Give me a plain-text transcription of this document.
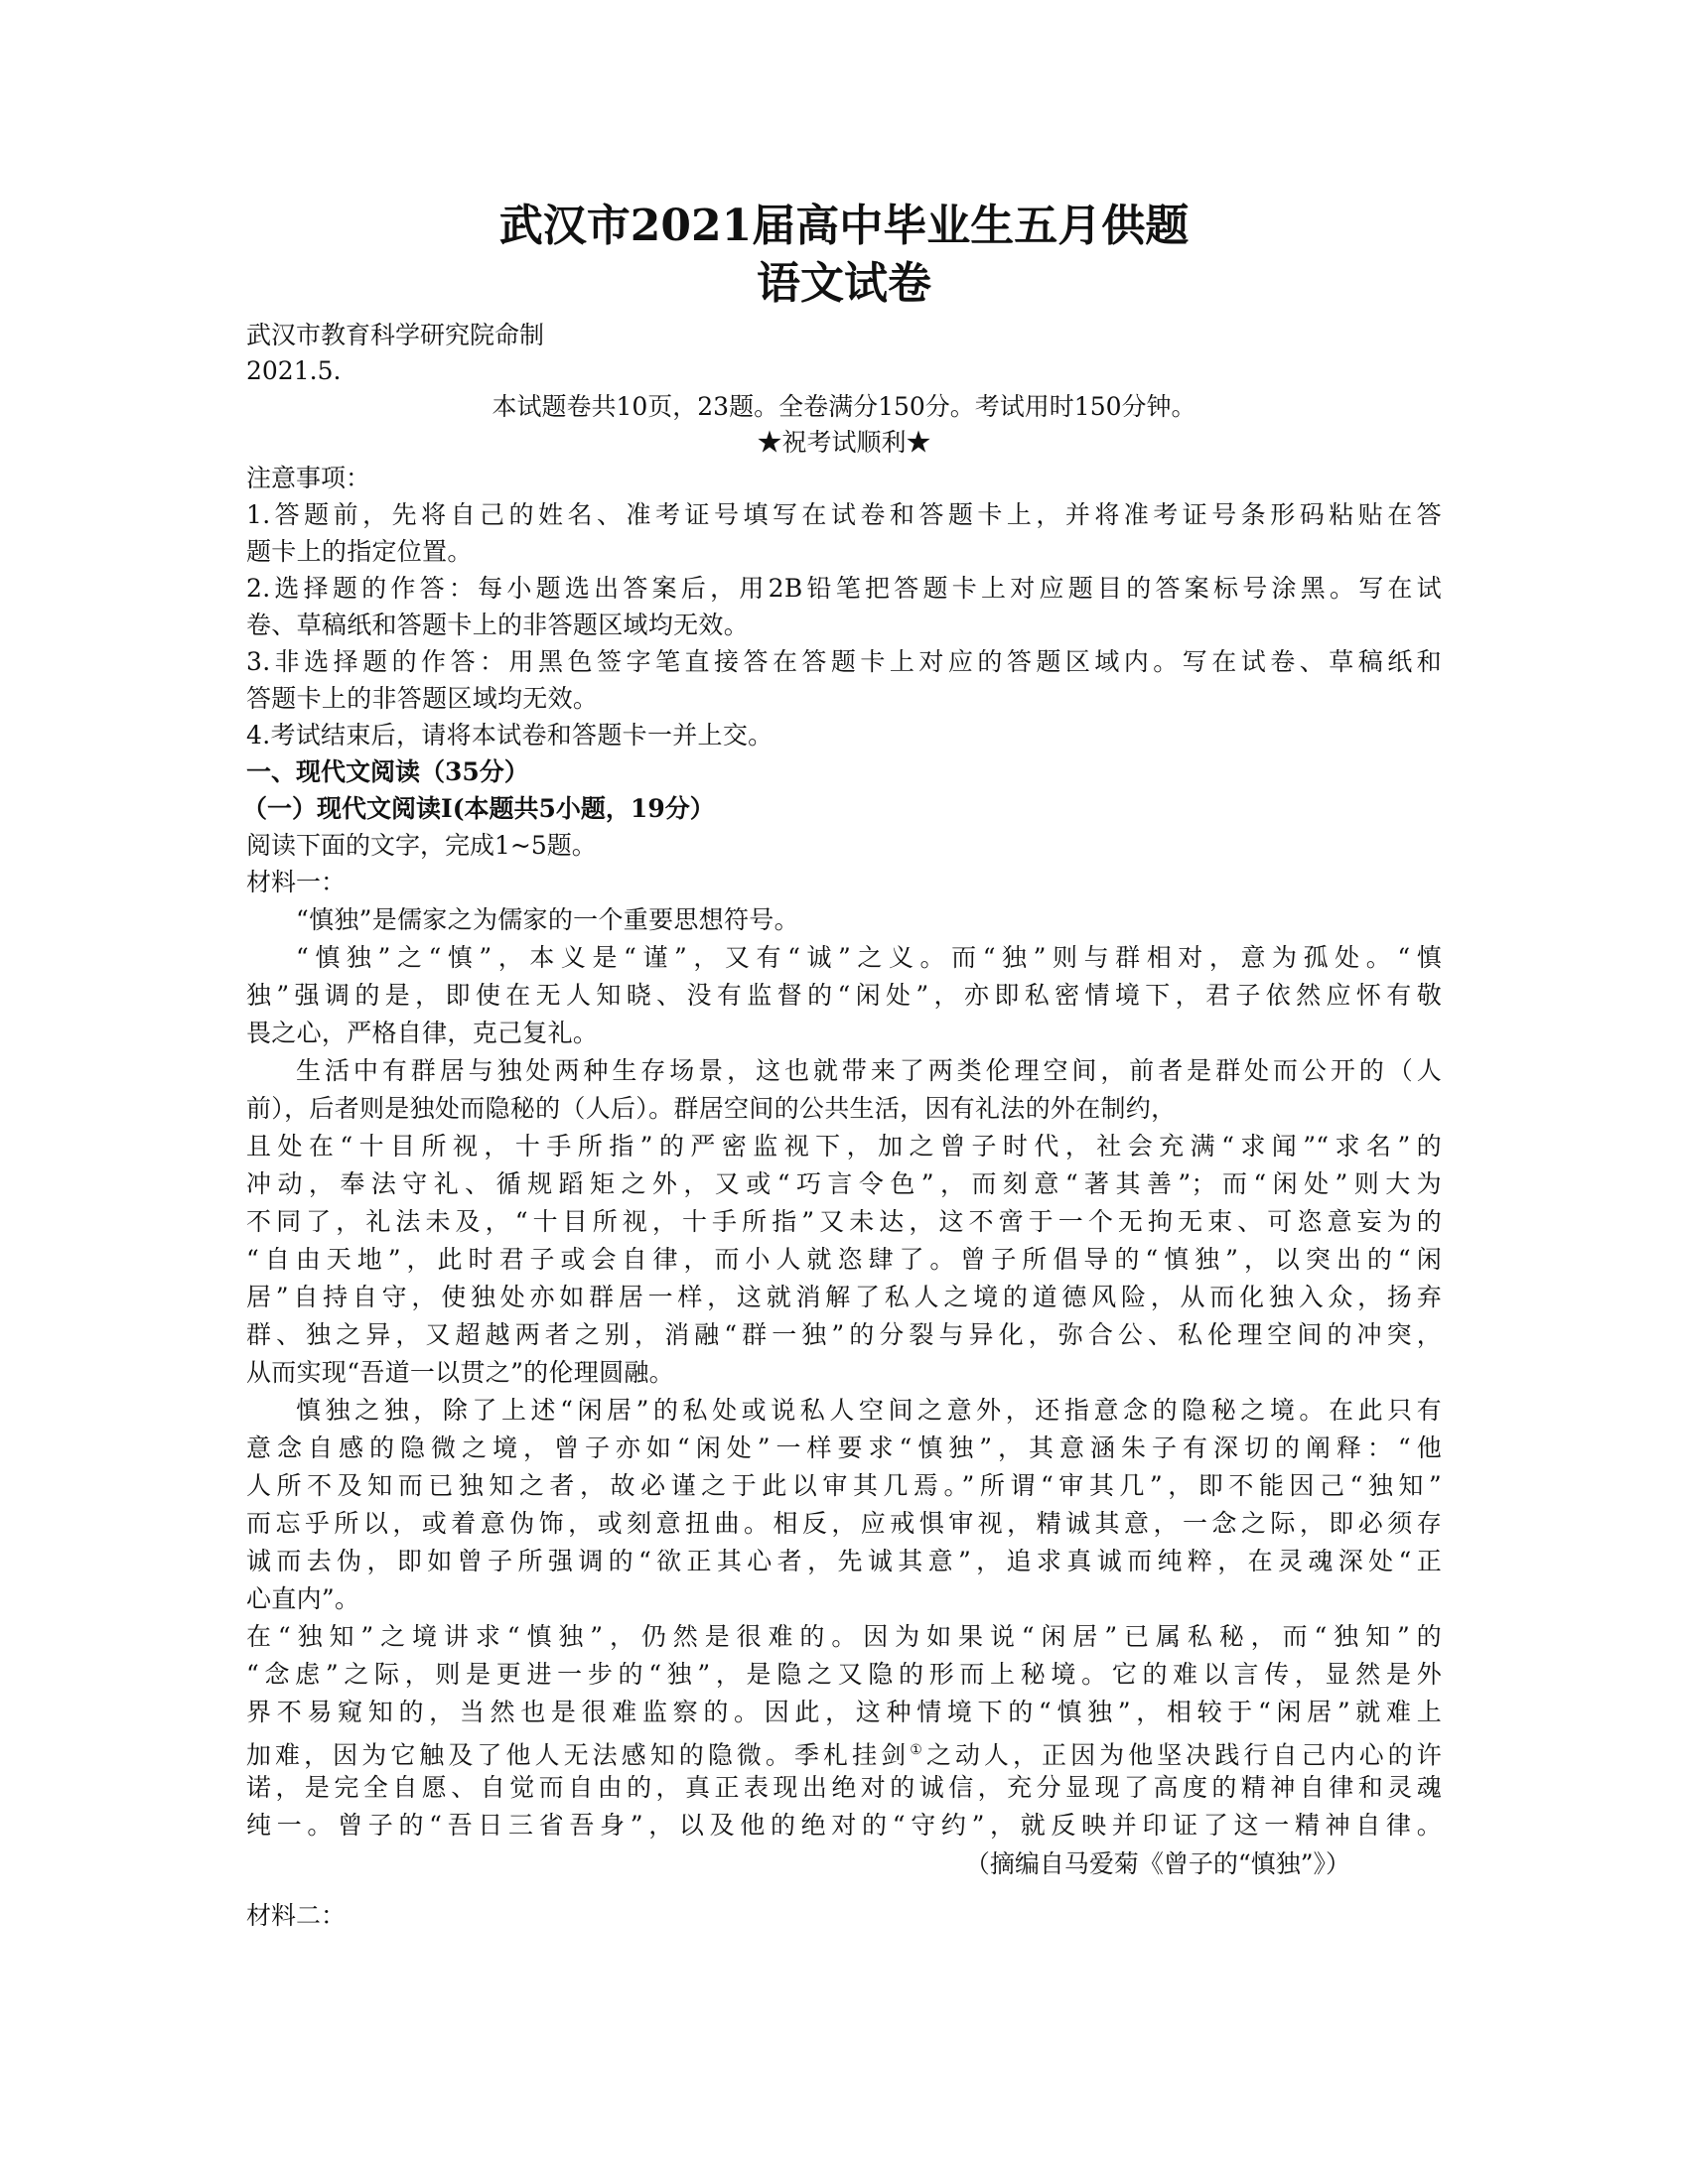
武汉市2021届高中毕业生五月供题
语文试卷
武汉市教育科学研究院命制
2021.5.
本试题卷共10页，23题。全卷满分150分。考试用时150分钟。
★祝考试顺利★
注意事项：
1.答题前，先将自己的姓名、准考证号填写在试卷和答题卡上，并将准考证号条形码粘贴在答
题卡上的指定位置。
2.选择题的作答：每小题选出答案后，用2B铅笔把答题卡上对应题目的答案标号涂黑。写在试
卷、草稿纸和答题卡上的非答题区域均无效。
3.非选择题的作答：用黑色签字笔直接答在答题卡上对应的答题区域内。写在试卷、草稿纸和
答题卡上的非答题区域均无效。
4.考试结束后，请将本试卷和答题卡一并上交。
一、现代文阅读（35分）
（一）现代文阅读I(本题共5小题，19分）
阅读下面的文字，完成1~5题。
材料一：
“慎独”是儒家之为儒家的一个重要思想符号。
“慎独”之“慎”，本义是“谨”，又有“诚”之义。而“独”则与群相对，意为孤处。“慎
独”强调的是，即使在无人知晓、没有监督的“闲处”，亦即私密情境下，君子依然应怀有敬
畏之心，严格自律，克己复礼。
生活中有群居与独处两种生存场景，这也就带来了两类伦理空间，前者是群处而公开的（人
前），后者则是独处而隐秘的（人后）。群居空间的公共生活，因有礼法的外在制约，
且处在“十目所视，十手所指”的严密监视下，加之曾子时代，社会充满“求闻”“求名”的
冲动，奉法守礼、循规蹈矩之外，又或“巧言令色”，而刻意“著其善”；而“闲处”则大为
不同了，礼法未及，“十目所视，十手所指”又未达，这不啻于一个无拘无束、可恣意妄为的
“自由天地”，此时君子或会自律，而小人就恣肆了。曾子所倡导的“慎独”，以突出的“闲
居”自持自守，使独处亦如群居一样，这就消解了私人之境的道德风险，从而化独入众，扬弃
群、独之异，又超越两者之别，消融“群一独”的分裂与异化，弥合公、私伦理空间的冲突，
从而实现“吾道一以贯之”的伦理圆融。
慎独之独，除了上述“闲居”的私处或说私人空间之意外，还指意念的隐秘之境。在此只有
意念自感的隐微之境，曾子亦如“闲处”一样要求“慎独”，其意涵朱子有深切的阐释：“他
人所不及知而已独知之者，故必谨之于此以审其几焉。”所谓“审其几”，即不能因己“独知”
而忘乎所以，或着意伪饰，或刻意扭曲。相反，应戒惧审视，精诚其意，一念之际，即必须存
诚而去伪，即如曾子所强调的“欲正其心者，先诚其意”，追求真诚而纯粹，在灵魂深处“正
心直内”。
在“独知”之境讲求“慎独”，仍然是很难的。因为如果说“闲居”已属私秘，而“独知”的
“念虑”之际，则是更进一步的“独”，是隐之又隐的形而上秘境。它的难以言传，显然是外
界不易窥知的，当然也是很难监察的。因此，这种情境下的“慎独”，相较于“闲居”就难上
加难，因为它触及了他人无法感知的隐微。季札挂剑①之动人，正因为他坚决践行自己内心的许
诺，是完全自愿、自觉而自由的，真正表现出绝对的诚信，充分显现了高度的精神自律和灵魂
纯一。曾子的“吾日三省吾身”，以及他的绝对的“守约”，就反映并印证了这一精神自律。
（摘编自马爱菊《曾子的“慎独”》）
材料二：
